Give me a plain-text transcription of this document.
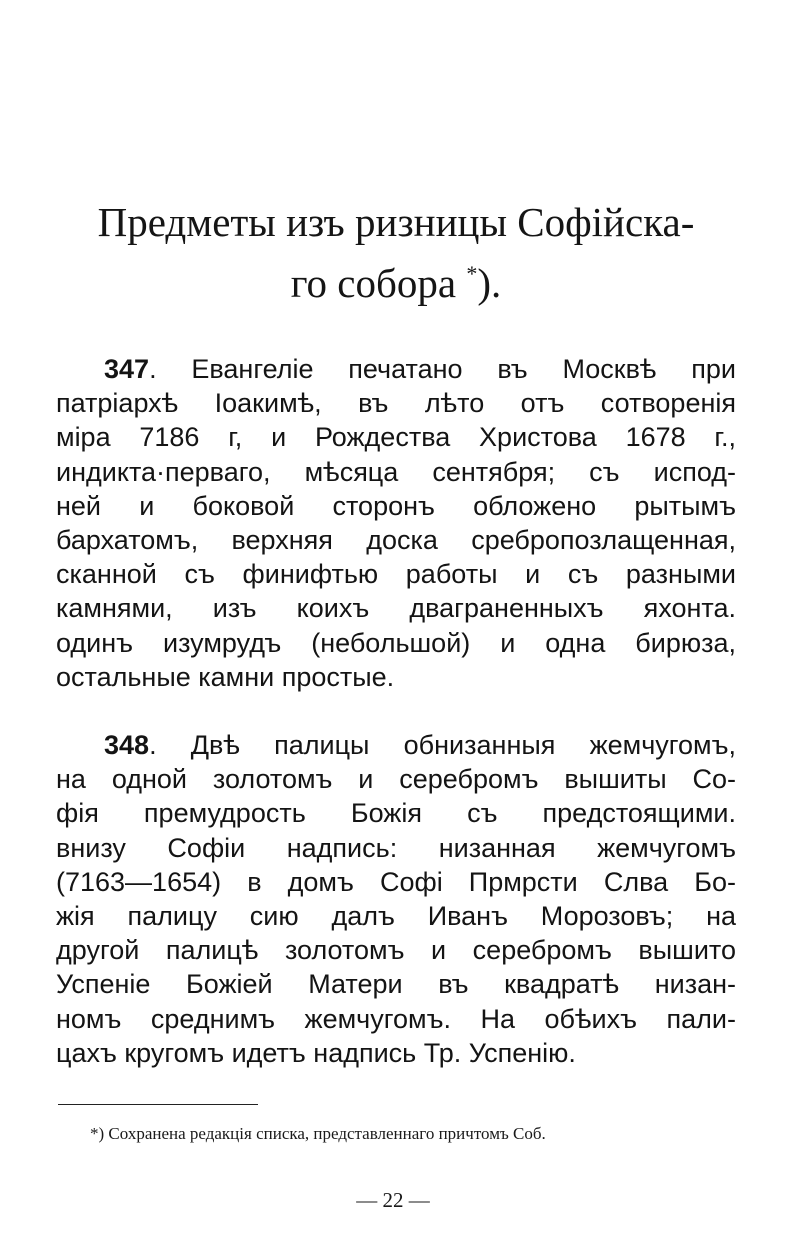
Предметы изъ ризницы Софійска-
го собора *).
347. Евангеліе печатано въ Москвѣ при
патріархѣ Іоакимѣ, въ лѣто отъ сотворенія
міра 7186 г, и Рождества Христова 1678 г.,
индикта·перваго, мѣсяца сентября; съ испод-
ней и боковой сторонъ обложено рытымъ
бархатомъ, верхняя доска сребропозлащенная,
сканной съ финифтью работы и съ разными
камнями, изъ коихъ дваграненныхъ яхонта.
одинъ изумрудъ (небольшой) и одна бирюза,
остальные камни простые.
348. Двѣ палицы обнизанныя жемчугомъ,
на одной золотомъ и серебромъ вышиты Со-
фія премудрость Божія съ предстоящими.
внизу Софіи надпись: низанная жемчугомъ
(7163—1654) в домъ Софі Прмрсти Слва Бо-
жія палицу сию далъ Иванъ Морозовъ; на
другой палицѣ золотомъ и серебромъ вышито
Успеніе Божіей Матери въ квадратѣ низан-
номъ среднимъ жемчугомъ. На обѣихъ пали-
цахъ кругомъ идетъ надпись Тр. Успенію.
*) Сохранена редакція списка, представленнаго причтомъ Соб.
— 22 —
